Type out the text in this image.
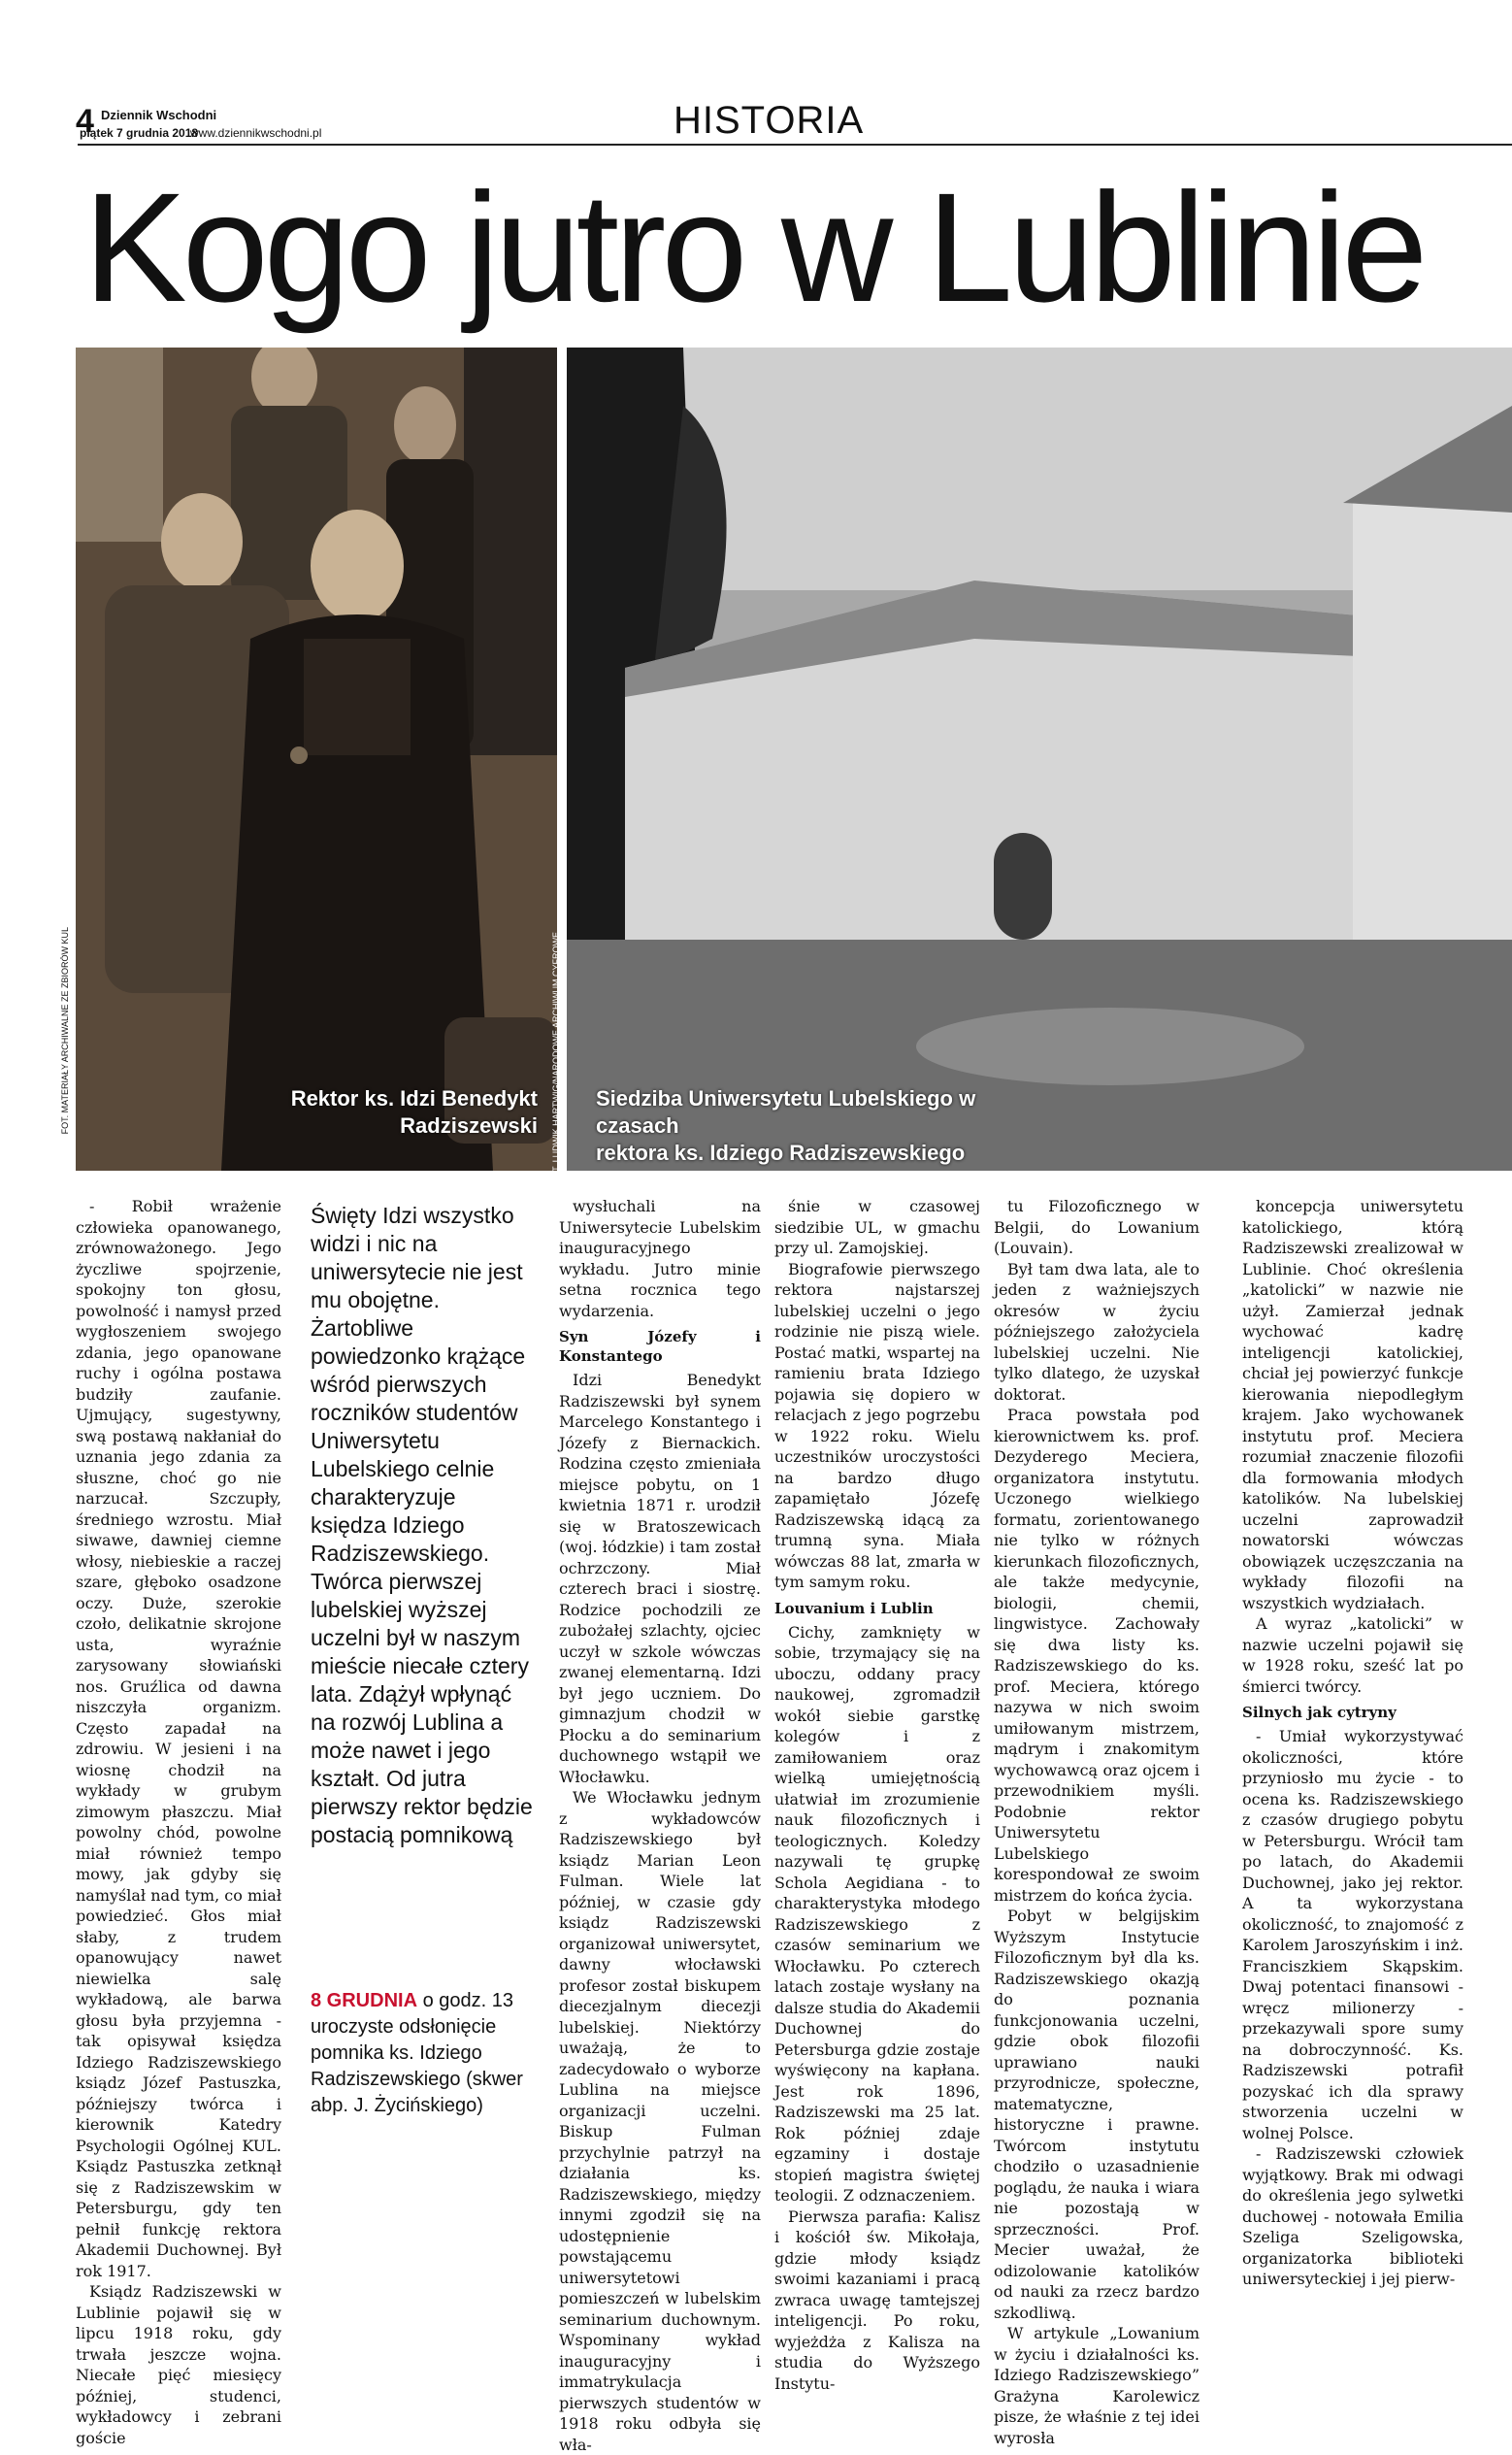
4 Dziennik Wschodni
piątek 7 grudnia 2018
www.dziennikwschodni.pl	HISTORIA
Kogo jutro w Lublinie
Rektor ks. Idzi Benedykt
Radziszewski
FOT. MATERIAŁY ARCHIWALNE ZE ZBIORÓW KUL	Siedziba Uniwersytetu Lubelskiego w czasach
rektora ks. Idziego Radziszewskiego
FOT. LUDWIK HARTWIG/NARODOWE ARCHIWUM CYFROWE

- Robił wrażenie człowieka opanowanego, zrównoważonego. Jego życzliwe spojrzenie, spokojny ton głosu, powolność i namysł przed wygłoszeniem swojego zdania, jego opanowane ruchy i ogólna postawa budziły zaufanie. Ujmujący, sugestywny, swą postawą nakłaniał do uznania jego zdania za słuszne, choć go nie narzucał. Szczupły, średniego wzrostu. Miał siwawe, dawniej ciemne włosy, niebieskie a raczej szare, głęboko osadzone oczy. Duże, szerokie czoło, delikatnie skrojone usta, wyraźnie zarysowany słowiański nos. Gruźlica od dawna niszczyła organizm. Często zapadał na zdrowiu. W jesieni i na wiosnę chodził na wykłady w grubym zimowym płaszczu. Miał powolny chód, powolne miał również tempo mowy, jak gdyby się namyślał nad tym, co miał powiedzieć. Głos miał słaby, z trudem opanowujący nawet niewielka salę wykładową, ale barwa głosu była przyjemna - tak opisywał księdza Idziego Radziszewskiego ksiądz Józef Pastuszka, późniejszy twórca i kierownik Katedry Psychologii Ogólnej KUL. Ksiądz Pastuszka zetknął się z Radziszewskim w Petersburgu, gdy ten pełnił funkcję rektora Akademii Duchownej. Był rok 1917.

Ksiądz Radziszewski w Lublinie pojawił się w lipcu 1918 roku, gdy trwała jeszcze wojna. Niecałe pięć miesięcy później, studenci, wykładowcy i zebrani goście

Święty Idzi wszystko widzi i nic na uniwersytecie nie jest mu obojętne. Żartobliwe powiedzonko krążące wśród pierwszych roczników studentów Uniwersytetu Lubelskiego celnie charakteryzuje księdza Idziego Radziszewskiego. Twórca pierwszej lubelskiej wyższej uczelni był w naszym mieście niecałe cztery lata. Zdążył wpłynąć na rozwój Lublina a może nawet i jego kształt. Od jutra pierwszy rektor będzie postacią pomnikową
8 GRUDNIA o godz. 13 uroczyste odsłonięcie pomnika ks. Idziego Radziszewskiego (skwer abp. J. Życińskiego)

wysłuchali na Uniwersytecie Lubelskim inauguracyjnego wykładu. Jutro minie setna rocznica tego wydarzenia.

Syn Józefy i Konstantego

Idzi Benedykt Radziszewski był synem Marcelego Konstantego i Józefy z Biernackich. Rodzina często zmieniała miejsce pobytu, on 1 kwietnia 1871 r. urodził się w Bratoszewicach (woj. łódzkie) i tam został ochrzczony. Miał czterech braci i siostrę. Rodzice pochodzili ze zubożałej szlachty, ojciec uczył w szkole wówczas zwanej elementarną. Idzi był jego uczniem. Do gimnazjum chodził w Płocku a do seminarium duchownego wstąpił we Włocławku.

We Włocławku jednym z wykładowców Radziszewskiego był ksiądz Marian Leon Fulman. Wiele lat później, w czasie gdy ksiądz Radziszewski organizował uniwersytet, dawny włocławski profesor został biskupem diecezjalnym diecezji lubelskiej. Niektórzy uważają, że to zadecydowało o wyborze Lublina na miejsce organizacji uczelni. Biskup Fulman przychylnie patrzył na działania ks. Radziszewskiego, między innymi zgodził się na udostępnienie powstającemu uniwersytetowi pomieszczeń w lubelskim seminarium duchownym. Wspominany wykład inauguracyjny i immatrykulacja pierwszych studentów w 1918 roku odbyła się wła-

śnie w czasowej siedzibie UL, w gmachu przy ul. Zamojskiej.

Biografowie pierwszego rektora najstarszej lubelskiej uczelni o jego rodzinie nie piszą wiele. Postać matki, wspartej na ramieniu brata Idziego pojawia się dopiero w relacjach z jego pogrzebu w 1922 roku. Wielu uczestników uroczystości na bardzo długo zapamiętało Józefę Radziszewską idącą za trumną syna. Miała wówczas 88 lat, zmarła w tym samym roku.

Louvanium i Lublin

Cichy, zamknięty w sobie, trzymający się na uboczu, oddany pracy naukowej, zgromadził wokół siebie garstkę kolegów i z zamiłowaniem oraz wielką umiejętnością ułatwiał im zrozumienie nauk filozoficznych i teologicznych. Koledzy nazywali tę grupkę Schola Aegidiana - to charakterystyka młodego Radziszewskiego z czasów seminarium we Włocławku. Po czterech latach zostaje wysłany na dalsze studia do Akademii Duchownej do Petersburga gdzie zostaje wyświęcony na kapłana. Jest rok 1896, Radziszewski ma 25 lat. Rok później zdaje egzaminy i dostaje stopień magistra świętej teologii. Z odznaczeniem.

Pierwsza parafia: Kalisz i kościół św. Mikołaja, gdzie młody ksiądz swoimi kazaniami i pracą zwraca uwagę tamtejszej inteligencji. Po roku, wyjeżdża z Kalisza na studia do Wyższego Instytu-

tu Filozoficznego w Belgii, do Lowanium (Louvain).

Był tam dwa lata, ale to jeden z ważniejszych okresów w życiu późniejszego założyciela lubelskiej uczelni. Nie tylko dlatego, że uzyskał doktorat.

Praca powstała pod kierownictwem ks. prof. Dezyderego Meciera, organizatora instytutu. Uczonego wielkiego formatu, zorientowanego nie tylko w różnych kierunkach filozoficznych, ale także medycynie, biologii, chemii, lingwistyce. Zachowały się dwa listy ks. Radziszewskiego do ks. prof. Meciera, którego nazywa w nich swoim umiłowanym mistrzem, mądrym i znakomitym wychowawcą oraz ojcem i przewodnikiem myśli. Podobnie rektor Uniwersytetu Lubelskiego korespondował ze swoim mistrzem do końca życia.

Pobyt w belgijskim Wyższym Instytucie Filozoficznym był dla ks. Radziszewskiego okazją do poznania funkcjonowania uczelni, gdzie obok filozofii uprawiano nauki przyrodnicze, społeczne, matematyczne, historyczne i prawne. Twórcom instytutu chodziło o uzasadnienie poglądu, że nauka i wiara nie pozostają w sprzeczności. Prof. Mecier uważał, że odizolowanie katolików od nauki za rzecz bardzo szkodliwą.

W artykule „Lowanium w życiu i działalności ks. Idziego Radziszewskiego” Grażyna Karolewicz pisze, że właśnie z tej idei wyrosła

koncepcja uniwersytetu katolickiego, którą Radziszewski zrealizował w Lublinie. Choć określenia „katolicki” w nazwie nie użył. Zamierzał jednak wychować kadrę inteligencji katolickiej, chciał jej powierzyć funkcje kierowania niepodległym krajem. Jako wychowanek instytutu prof. Meciera rozumiał znaczenie filozofii dla formowania młodych katolików. Na lubelskiej uczelni zaprowadził nowatorski wówczas obowiązek uczęszczania na wykłady filozofii na wszystkich wydziałach.

A wyraz „katolicki” w nazwie uczelni pojawił się w 1928 roku, sześć lat po śmierci twórcy.

Silnych jak cytryny

- Umiał wykorzystywać okoliczności, które przyniosło mu życie - to ocena ks. Radziszewskiego z czasów drugiego pobytu w Petersburgu. Wrócił tam po latach, do Akademii Duchownej, jako jej rektor. A ta wykorzystana okoliczność, to znajomość z Karolem Jaroszyńskim i inż. Franciszkiem Skąpskim. Dwaj potentaci finansowi - wręcz milionerzy - przekazywali spore sumy na dobroczynność. Ks. Radziszewski potrafił pozyskać ich dla sprawy stworzenia uczelni w wolnej Polsce.

- Radziszewski człowiek wyjątkowy. Brak mi odwagi do określenia jego sylwetki duchowej - notowała Emilia Szeliga Szeligowska, organizatorka biblioteki uniwersyteckiej i jej pierw-
